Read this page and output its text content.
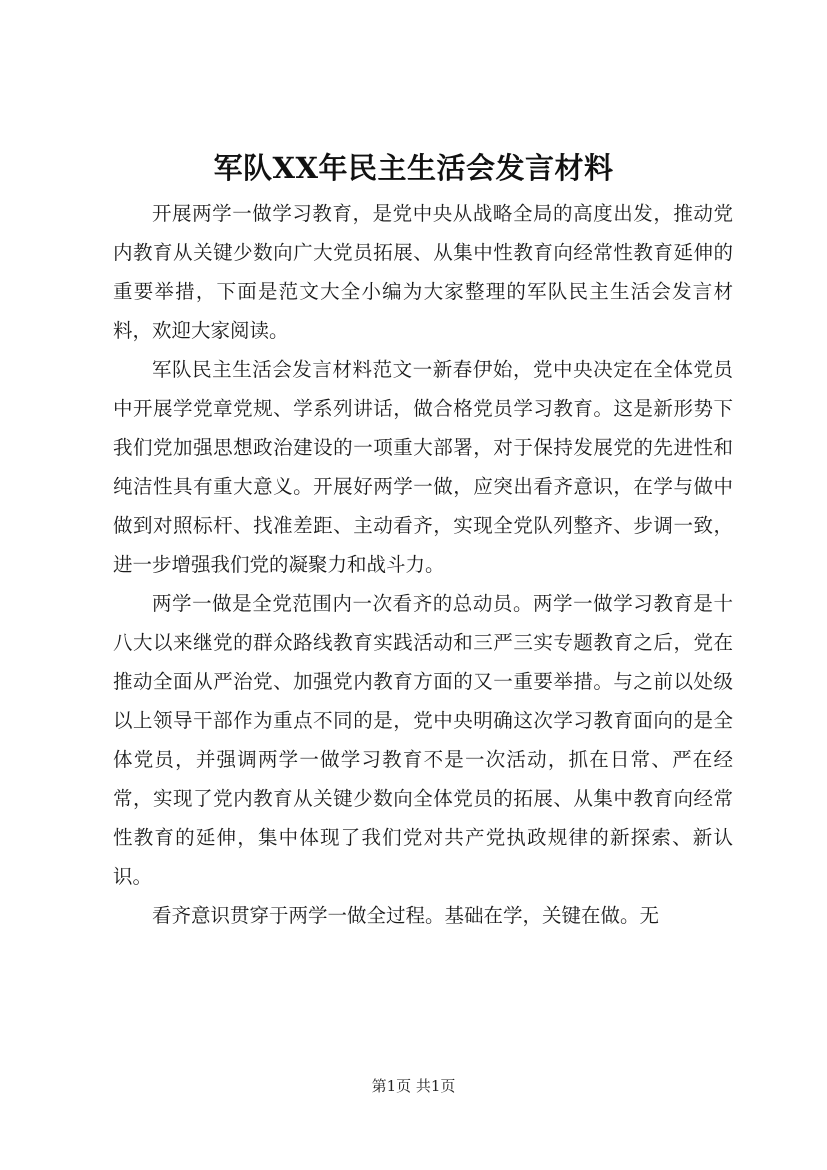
军队XX年民主生活会发言材料

开展两学一做学习教育，是党中央从战略全局的高度出发，推动党内教育从关键少数向广大党员拓展、从集中性教育向经常性教育延伸的重要举措，下面是范文大全小编为大家整理的军队民主生活会发言材料，欢迎大家阅读。

军队民主生活会发言材料范文一新春伊始，党中央决定在全体党员中开展学党章党规、学系列讲话，做合格党员学习教育。这是新形势下我们党加强思想政治建设的一项重大部署，对于保持发展党的先进性和纯洁性具有重大意义。开展好两学一做，应突出看齐意识，在学与做中做到对照标杆、找准差距、主动看齐，实现全党队列整齐、步调一致，进一步增强我们党的凝聚力和战斗力。

两学一做是全党范围内一次看齐的总动员。两学一做学习教育是十八大以来继党的群众路线教育实践活动和三严三实专题教育之后，党在推动全面从严治党、加强党内教育方面的又一重要举措。与之前以处级以上领导干部作为重点不同的是，党中央明确这次学习教育面向的是全体党员，并强调两学一做学习教育不是一次活动，抓在日常、严在经常，实现了党内教育从关键少数向全体党员的拓展、从集中教育向经常性教育的延伸，集中体现了我们党对共产党执政规律的新探索、新认识。

看齐意识贯穿于两学一做全过程。基础在学，关键在做。无

第1页 共1页
